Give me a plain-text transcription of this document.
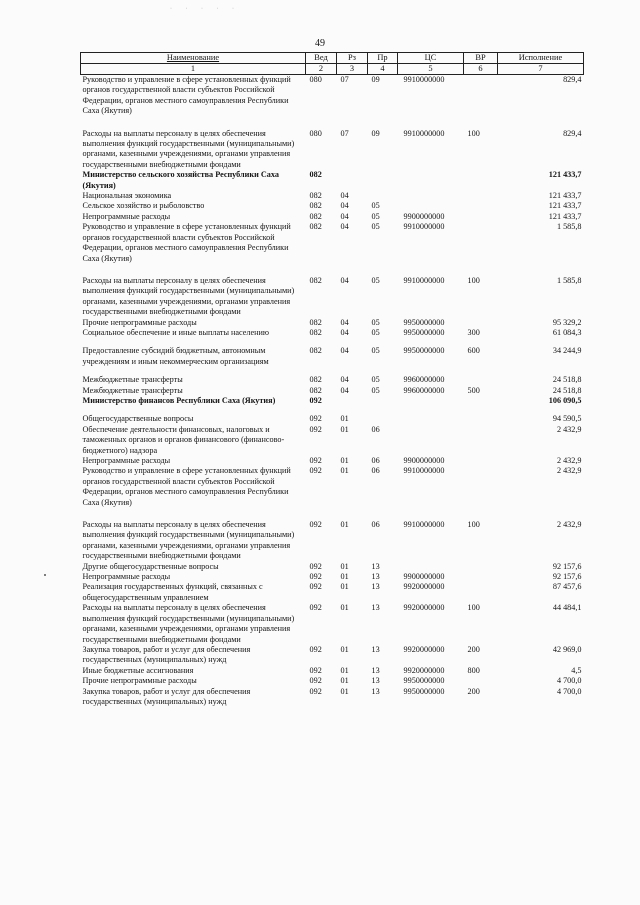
· · · · ·
49
Наименование	Вед	Рз	Пр	ЦС	ВР	Исполнение
1	2	3	4	5	6	7
Руководство и управление в сфере установленных функций органов государственной власти субъектов Российской Федерации, органов местного самоуправления Республики Саха (Якутия)	080	07	09	9910000000		829,4
Расходы на выплаты персоналу в целях обеспечения выполнения функций государственными (муниципальными) органами, казенными учреждениями, органами управления государственными внебюджетными фондами	080	07	09	9910000000	100	829,4
Министерство сельского хозяйства Республики Саха (Якутия)	082					121 433,7
Национальная экономика	082	04				121 433,7
Сельское хозяйство и рыболовство	082	04	05			121 433,7
Непрограммные расходы	082	04	05	9900000000		121 433,7
Руководство и управление в сфере установленных функций органов государственной власти субъектов Российской Федерации, органов местного самоуправления Республики Саха (Якутия)	082	04	05	9910000000		1 585,8
Расходы на выплаты персоналу в целях обеспечения выполнения функций государственными (муниципальными) органами, казенными учреждениями, органами управления государственными внебюджетными фондами	082	04	05	9910000000	100	1 585,8
Прочие непрограммные расходы	082	04	05	9950000000		95 329,2
Социальное обеспечение и иные выплаты населению	082	04	05	9950000000	300	61 084,3
Предоставление субсидий бюджетным, автономным учреждениям и иным некоммерческим организациям	082	04	05	9950000000	600	34 244,9
Межбюджетные трансферты	082	04	05	9960000000		24 518,8
Межбюджетные трансферты	082	04	05	9960000000	500	24 518,8
Министерство финансов Республики Саха (Якутия)	092					106 090,5
Общегосударственные вопросы	092	01				94 590,5
Обеспечение деятельности финансовых, налоговых и таможенных органов и органов финансового (финансово-бюджетного) надзора	092	01	06			2 432,9
Непрограммные расходы	092	01	06	9900000000		2 432,9
Руководство и управление в сфере установленных функций органов государственной власти субъектов Российской Федерации, органов местного самоуправления Республики Саха (Якутия)	092	01	06	9910000000		2 432,9
Расходы на выплаты персоналу в целях обеспечения выполнения функций государственными (муниципальными) органами, казенными учреждениями, органами управления государственными внебюджетными фондами	092	01	06	9910000000	100	2 432,9
Другие общегосударственные вопросы	092	01	13			92 157,6
Непрограммные расходы	092	01	13	9900000000		92 157,6
Реализация государственных функций, связанных с общегосударственным управлением	092	01	13	9920000000		87 457,6
Расходы на выплаты персоналу в целях обеспечения выполнения функций государственными (муниципальными) органами, казенными учреждениями, органами управления государственными внебюджетными фондами	092	01	13	9920000000	100	44 484,1
Закупка товаров, работ и услуг для обеспечения государственных (муниципальных) нужд	092	01	13	9920000000	200	42 969,0
Иные бюджетные ассигнования	092	01	13	9920000000	800	4,5
Прочие непрограммные расходы	092	01	13	9950000000		4 700,0
Закупка товаров, работ и услуг для обеспечения государственных (муниципальных) нужд	092	01	13	9950000000	200	4 700,0
